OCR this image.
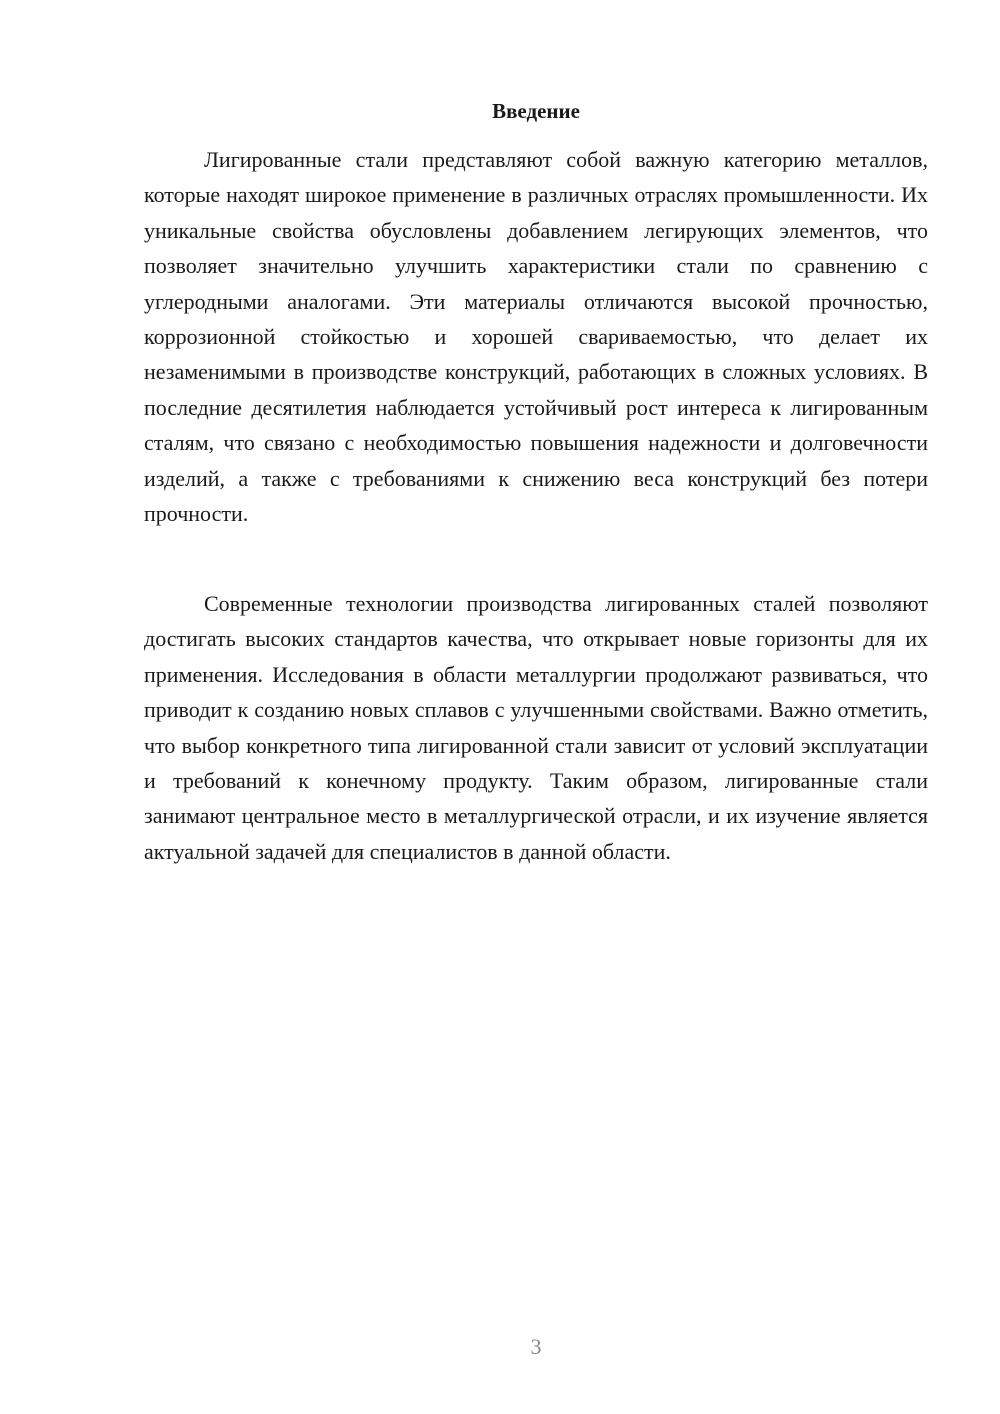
Введение

Лигированные стали представляют собой важную категорию металлов, которые находят широкое применение в различных отраслях промышленности. Их уникальные свойства обусловлены добавлением легирующих элементов, что позволяет значительно улучшить характеристики стали по сравнению с углеродными аналогами. Эти материалы отличаются высокой прочностью, коррозионной стойкостью и хорошей свариваемостью, что делает их незаменимыми в производстве конструкций, работающих в сложных условиях. В последние десятилетия наблюдается устойчивый рост интереса к лигированным сталям, что связано с необходимостью повышения надежности и долговечности изделий, а также с требованиями к снижению веса конструкций без потери прочности.

Современные технологии производства лигированных сталей позволяют достигать высоких стандартов качества, что открывает новые горизонты для их применения. Исследования в области металлургии продолжают развиваться, что приводит к созданию новых сплавов с улучшенными свойствами. Важно отметить, что выбор конкретного типа лигированной стали зависит от условий эксплуатации и требований к конечному продукту. Таким образом, лигированные стали занимают центральное место в металлургической отрасли, и их изучение является актуальной задачей для специалистов в данной области.

3
